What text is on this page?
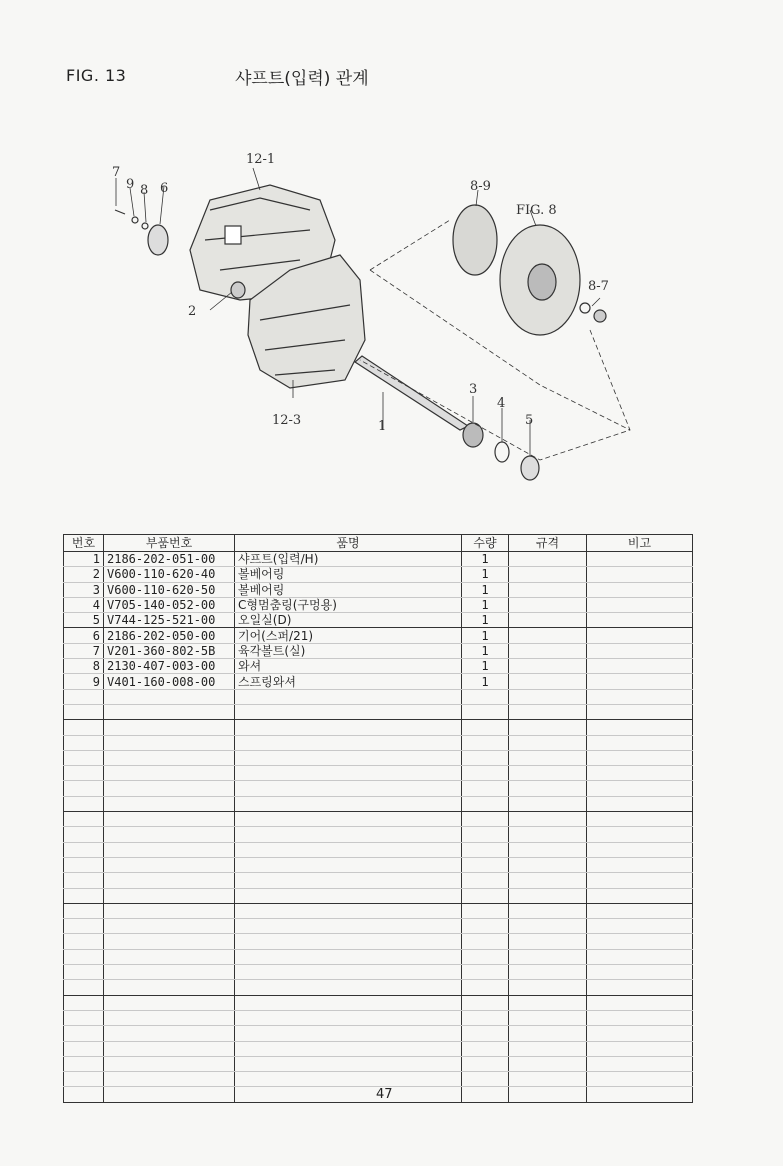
FIG. 13	샤프트(입력) 관계
12-1
7
9 8 6
2
8-9
FIG. 8
8-7
1
12-3
3
4
5
번호	부품번호	품명	수량	규격	비고
1	2186-202-051-00	샤프트(입력/H)	1		
2	V600-110-620-40	볼베어링	1		
3	V600-110-620-50	볼베어링	1		
4	V705-140-052-00	C형멈춤링(구멍용)	1		
5	V744-125-521-00	오일실(D)	1		
6	2186-202-050-00	기어(스퍼/21)	1		
7	V201-360-802-5B	육각볼트(실)	1		
8	2130-407-003-00	와셔	1		
9	V401-160-008-00	스프링와셔	1		

47
